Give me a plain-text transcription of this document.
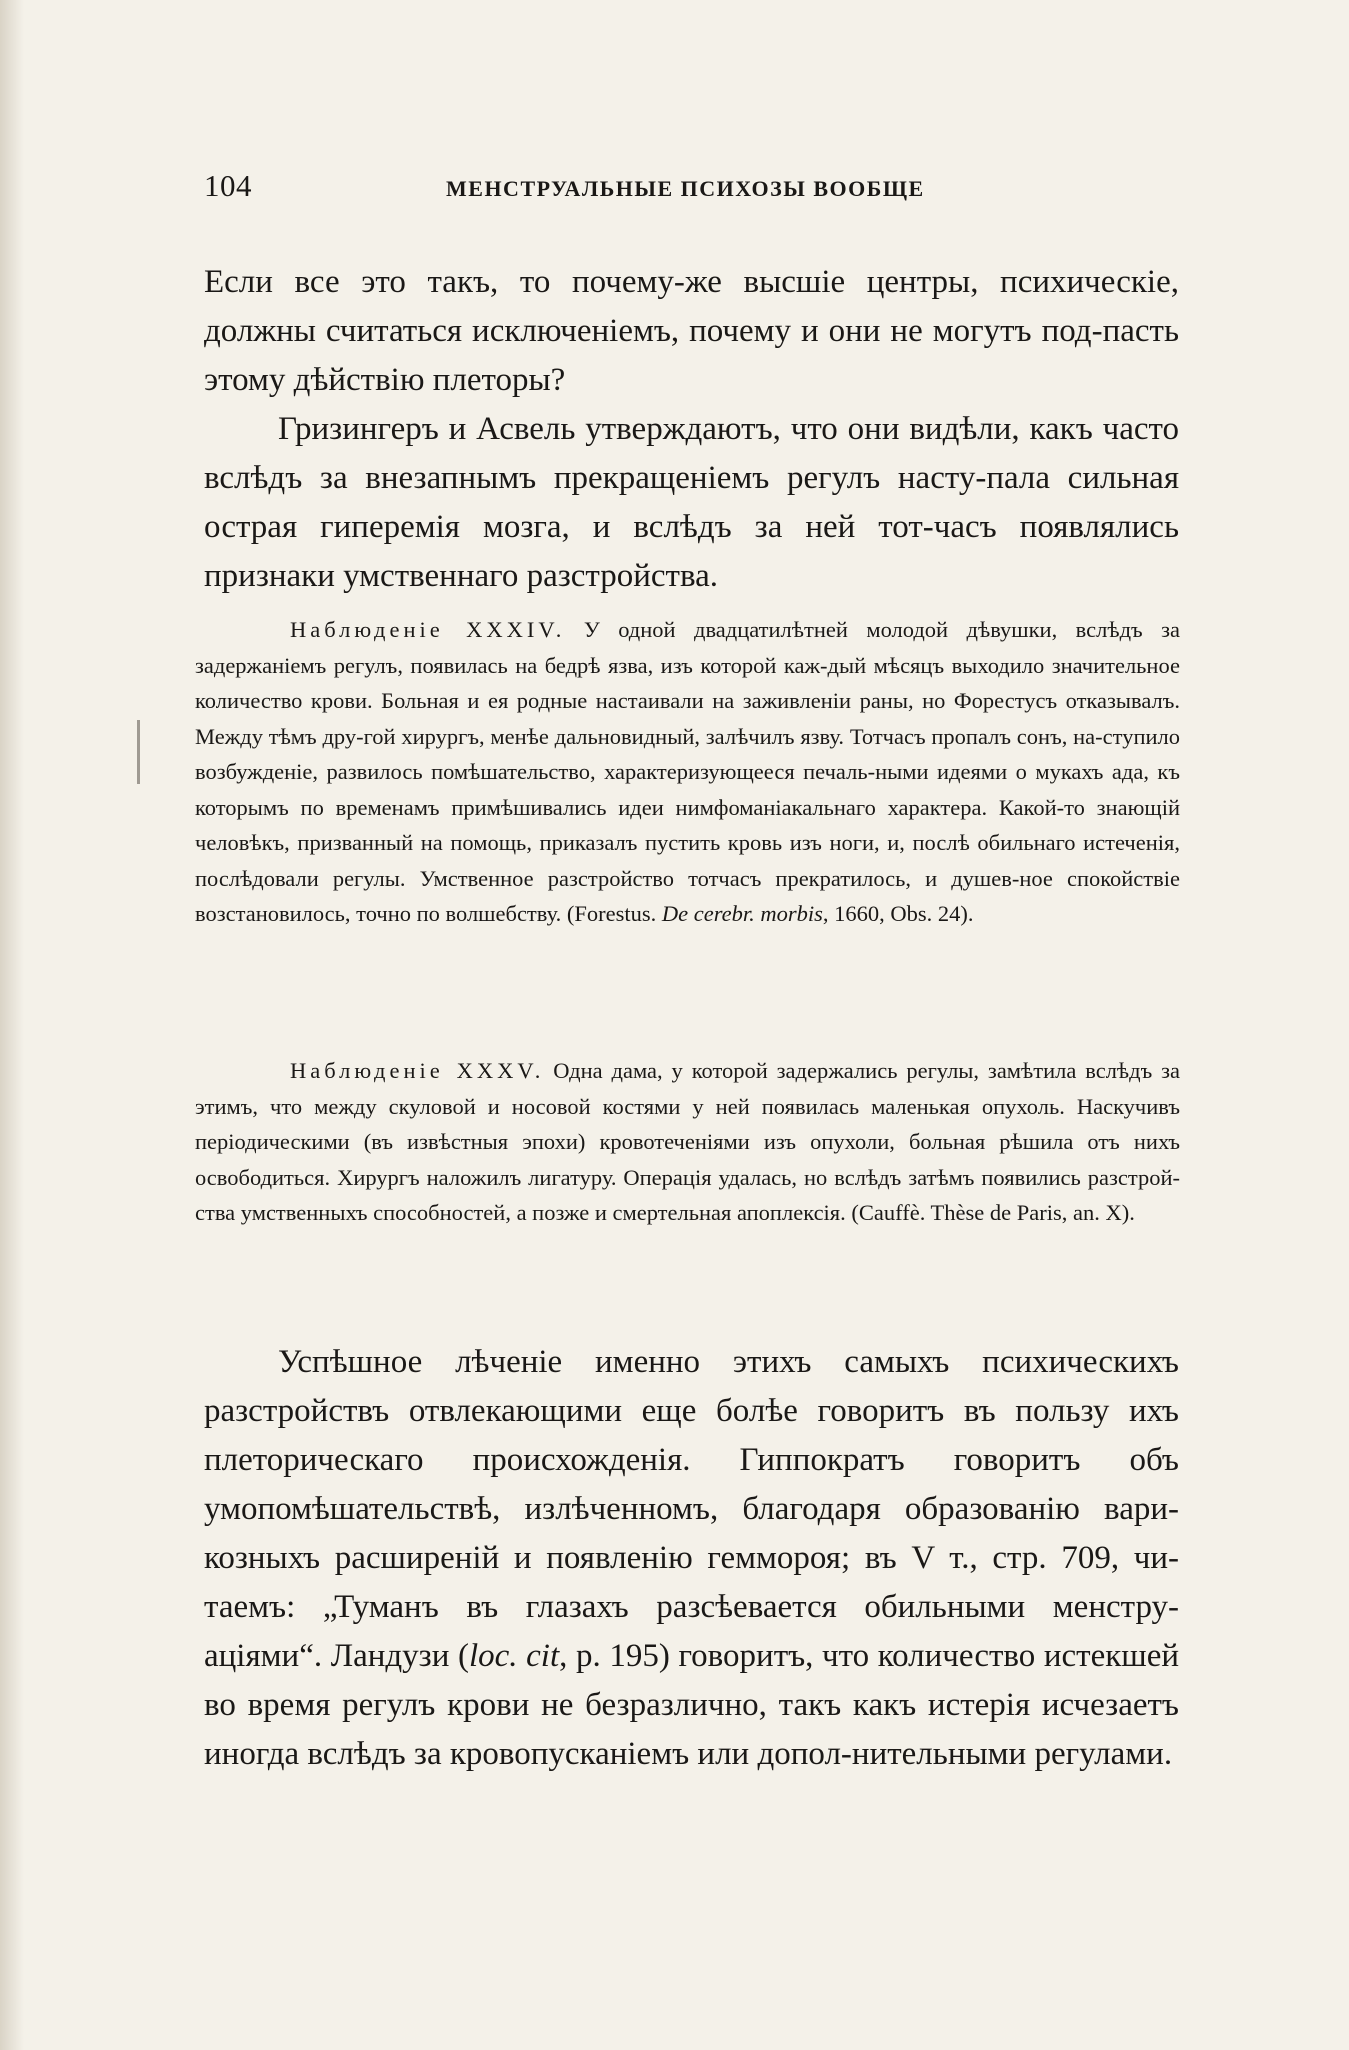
104	МЕНСТРУАЛЬНЫЕ ПСИХОЗЫ ВООБЩЕ

Если все это такъ, то почему-же высшіе центры, психическіе, должны считаться исключеніемъ, почему и они не могутъ под-пасть этому дѣйствію плеторы?

Гризингеръ и Асвель утверждаютъ, что они видѣли, какъ часто вслѣдъ за внезапнымъ прекращеніемъ регулъ насту-пала сильная острая гиперемія мозга, и вслѣдъ за ней тот-часъ появлялись признаки умственнаго разстройства.

Наблюденіе XXXIV. У одной двадцатилѣтней молодой дѣвушки, вслѣдъ за задержаніемъ регулъ, появилась на бедрѣ язва, изъ которой каж-дый мѣсяцъ выходило значительное количество крови. Больная и ея родные настаивали на заживленіи раны, но Форестусъ отказывалъ. Между тѣмъ дру-гой хирургъ, менѣе дальновидный, залѣчилъ язву. Тотчасъ пропалъ сонъ, на-ступило возбужденіе, развилось помѣшательство, характеризующееся печаль-ными идеями о мукахъ ада, къ которымъ по временамъ примѣшивались идеи нимфоманіакальнаго характера. Какой-то знающій человѣкъ, призванный на помощь, приказалъ пустить кровь изъ ноги, и, послѣ обильнаго истеченія, послѣдовали регулы. Умственное разстройство тотчасъ прекратилось, и душев-ное спокойствіе возстановилось, точно по волшебству. (Forestus. De cerebr. morbis, 1660, Obs. 24).

Наблюденіе XXXV. Одна дама, у которой задержались регулы, замѣтила вслѣдъ за этимъ, что между скуловой и носовой костями у ней появилась маленькая опухоль. Наскучивъ періодическими (въ извѣстныя эпохи) кровотеченіями изъ опухоли, больная рѣшила отъ нихъ освободиться. Хирургъ наложилъ лигатуру. Операція удалась, но вслѣдъ затѣмъ появились разстрой-ства умственныхъ способностей, а позже и смертельная апоплексія. (Cauffè. Thèse de Paris, an. X).

Успѣшное лѣченіе именно этихъ самыхъ психическихъ разстройствъ отвлекающими еще болѣе говоритъ въ пользу ихъ плеторическаго происхожденія. Гиппократъ говоритъ объ умопомѣшательствѣ, излѣченномъ, благодаря образованію вари-козныхъ расширеній и появленію геммороя; въ V т., стр. 709, чи-таемъ: „Туманъ въ глазахъ разсѣевается обильными менстру-аціями“. Ландузи (loc. cit, p. 195) говоритъ, что количество истекшей во время регулъ крови не безразлично, такъ какъ истерія исчезаетъ иногда вслѣдъ за кровопусканіемъ или допол-нительными регулами.
